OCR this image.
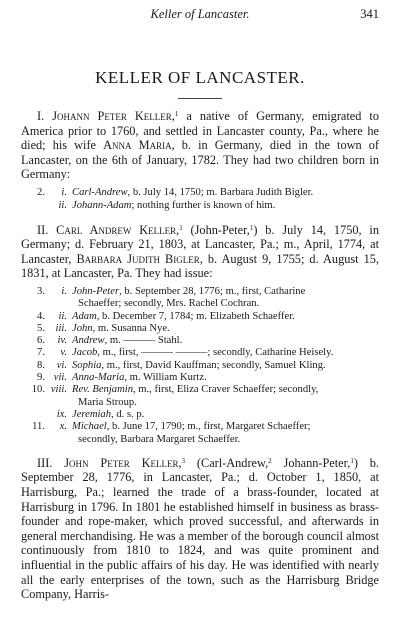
Keller of Lancaster.	341
KELLER OF LANCASTER.

I. Johann Peter Keller,$^1$ a native of Germany, emigrated to America prior to 1760, and settled in Lancaster county, Pa., where he died; his wife Anna Maria, b. in Germany, died in the town of Lancaster, on the 6th of January, 1782. They had two children born in Germany:

2.	i. Carl-Andrew, b. July 14, 1750; m. Barbara Judith Bigler.
ii. Johann-Adam; nothing further is known of him.

II. Carl Andrew Keller,$^1$ (John-Peter,$^1$) b. July 14, 1750, in Germany; d. February 21, 1803, at Lancaster, Pa.; m., April, 1774, at Lancaster, Barbara Judith Bigler, b. August 9, 1755; d. August 15, 1831, at Lancaster, Pa. They had issue:

3.	i. John-Peter, b. September 28, 1776; m., first, Catharine
Schaeffer; secondly, Mrs. Rachel Cochran.
4.	ii. Adam, b. December 7, 1784; m. Elizabeth Schaeffer.
5. iii. John, m. Susanna Nye.
6.	iv. Andrew, m. ——— Stahl.
7.	v. Jacob, m., first, ——— ———; secondly, Catharine Heisely.
8.	vi. Sophia, m., first, David Kauffman; secondly, Samuel Kling.
9. vii. Anna-Maria, m. William Kurtz.
10. viii. Rev. Benjamin, m., first, Eliza Craver Schaeffer; secondly,
Maria Stroup.
ix. Jeremiah, d. s. p.
11.	x. Michael, b. June 17, 1790; m., first, Margaret Schaeffer;
secondly, Barbara Margaret Schaeffer.

III. John Peter Keller,$^3$ (Carl-Andrew,$^2$ Johann-Peter,$^1$) b. September 28, 1776, in Lancaster, Pa.; d. October 1, 1850, at Harrisburg, Pa.; learned the trade of a brass-founder, located at Harrisburg in 1796. In 1801 he established himself in business as brass-founder and rope-maker, which proved successful, and afterwards in general merchandising. He was a member of the borough council almost continuously from 1810 to 1824, and was quite prominent and influential in the public affairs of his day. He was identified with nearly all the early enterprises of the town, such as the Harrisburg Bridge Company, Harris-
